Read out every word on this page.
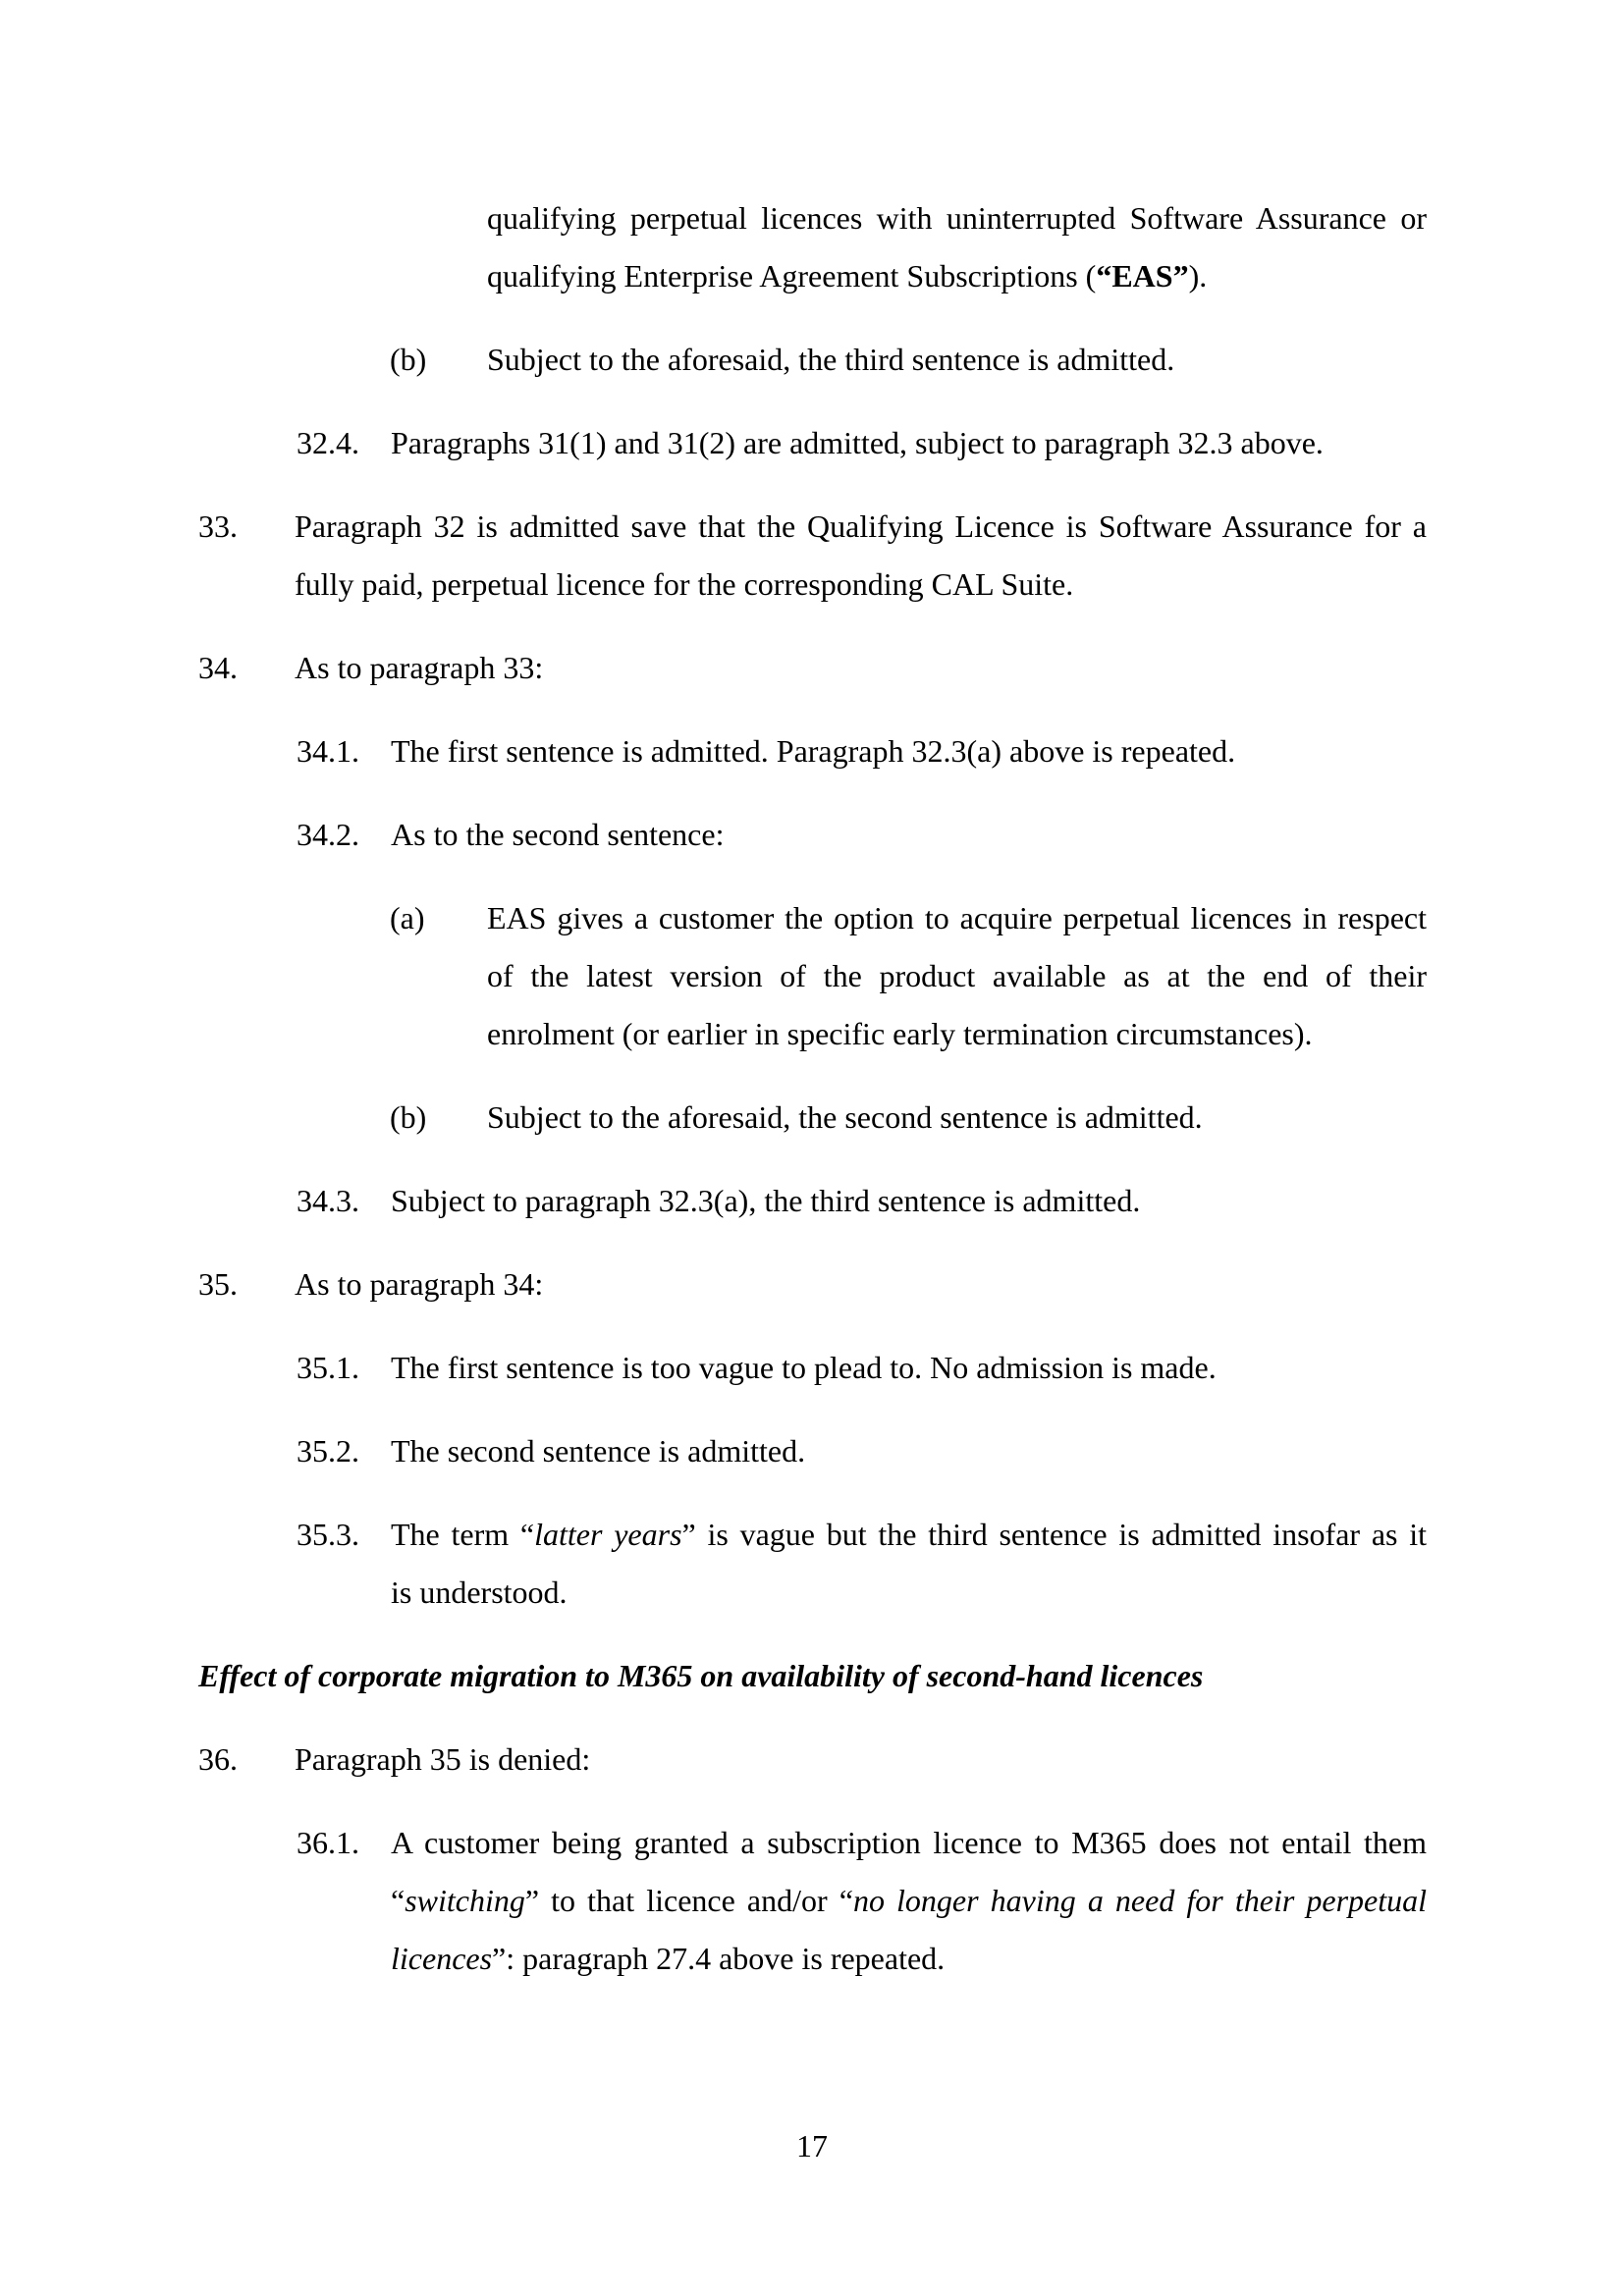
qualifying perpetual licences with uninterrupted Software Assurance or
qualifying Enterprise Agreement Subscriptions (“EAS”).
(b) Subject to the aforesaid, the third sentence is admitted.
32.4. Paragraphs 31(1) and 31(2) are admitted, subject to paragraph 32.3 above.
33. Paragraph 32 is admitted save that the Qualifying Licence is Software Assurance for a
fully paid, perpetual licence for the corresponding CAL Suite.
34. As to paragraph 33:
34.1. The first sentence is admitted. Paragraph 32.3(a) above is repeated.
34.2. As to the second sentence:
(a) EAS gives a customer the option to acquire perpetual licences in respect
of the latest version of the product available as at the end of their
enrolment (or earlier in specific early termination circumstances).
(b) Subject to the aforesaid, the second sentence is admitted.
34.3. Subject to paragraph 32.3(a), the third sentence is admitted.
35. As to paragraph 34:
35.1. The first sentence is too vague to plead to. No admission is made.
35.2. The second sentence is admitted.
35.3. The term “latter years” is vague but the third sentence is admitted insofar as it
is understood.
Effect of corporate migration to M365 on availability of second-hand licences
36. Paragraph 35 is denied:
36.1. A customer being granted a subscription licence to M365 does not entail them
“switching” to that licence and/or “no longer having a need for their perpetual
licences”: paragraph 27.4 above is repeated.
17
